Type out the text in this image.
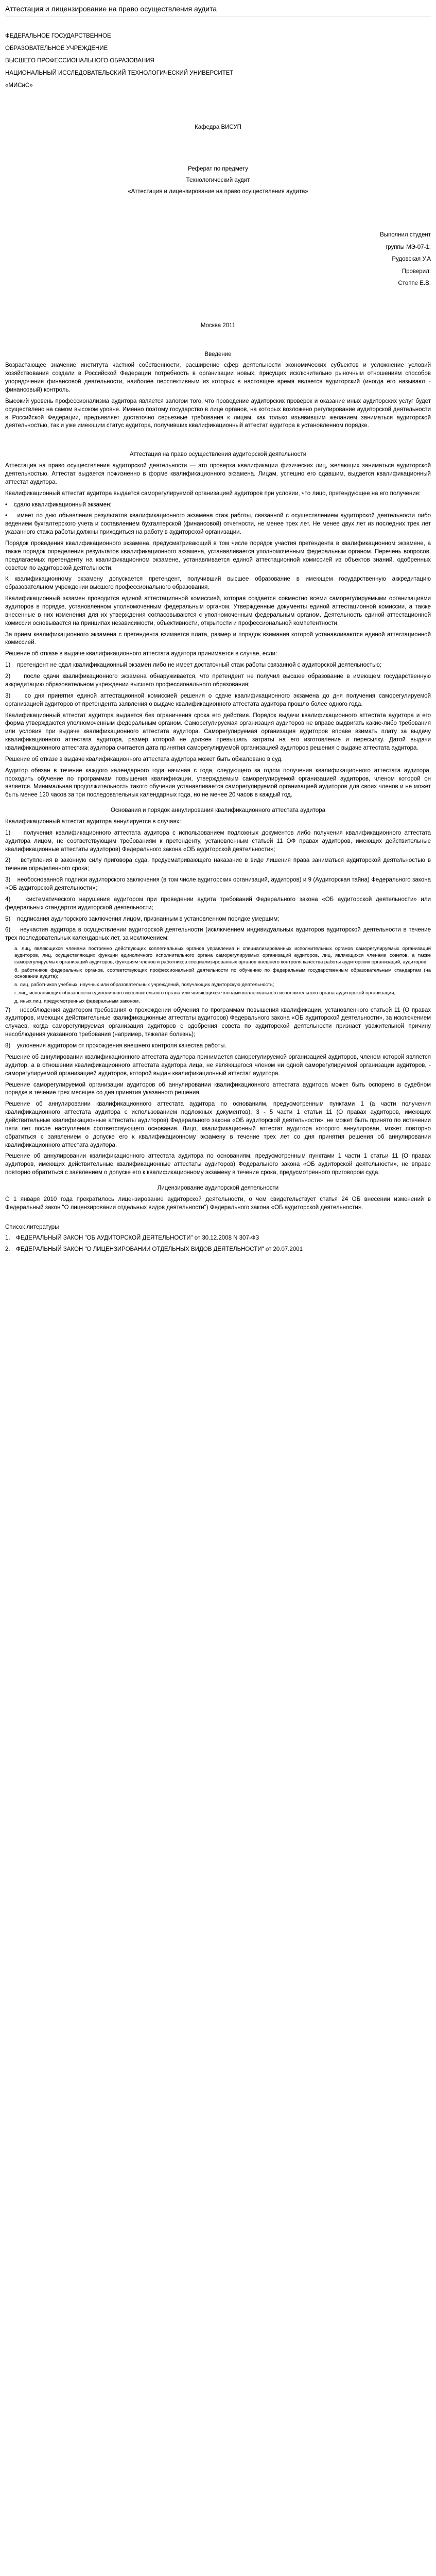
Аттестация и лицензирование на право осуществления аудита

ФЕДЕРАЛЬНОЕ ГОСУДАРСТВЕННОЕ

ОБРАЗОВАТЕЛЬНОЕ УЧРЕЖДЕНИЕ

ВЫСШЕГО ПРОФЕССИОНАЛЬНОГО ОБРАЗОВАНИЯ

НАЦИОНАЛЬНЫЙ ИССЛЕДОВАТЕЛЬСКИЙ ТЕХНОЛОГИЧЕСКИЙ УНИВЕРСИТЕТ

«МИСиС»

Кафедра ВИСУП

Реферат по предмету

Технологический аудит

«Аттестация и лицензирование на право осуществления аудита»

Выполнил студент

группы МЭ-07-1:

Рудовская У.А

Проверил:

Стоппе Е.В.

Москва 2011

Введение

Возрастающее значение института частной собственности, расширение сфер деятельности экономических субъектов и усложнение условий хозяйствования создали в Российской Федерации потребность в организации новых, присущих исключительно рыночным отношениям способов упорядочения финансовой деятельности, наиболее перспективным из которых в настоящее время является аудиторский (иногда его называют - финансовый) контроль.

Высокий уровень профессионализма аудитора является залогом того, что проведение аудиторских проверок и оказание иных аудиторских услуг будет осуществлено на самом высоком уровне. Именно поэтому государство в лице органов, на которых возложено регулирование аудиторской деятельности в Российской Федерации, предъявляет достаточно серьезные требования к лицам, как только изъявившим желанием заниматься аудиторской деятельностью, так и уже имеющим статус аудитора, получивших квалификационный аттестат аудитора в установленном порядке.

Аттестация на право осуществления аудиторской деятельности

Аттестация на право осуществления аудиторской деятельности — это проверка квалификации физических лиц, желающих заниматься аудиторской деятельностью. Аттестат выдается пожизненно в форме квалификационного экзамена. Лицам, успешно его сдавшим, выдается квалификационный аттестат аудитора.

Квалификационный аттестат аудитора выдается саморегулируемой организацией аудиторов при условии, что лицо, претендующее на его получение:

• сдало квалификационный экзамен;

• имеет по дню объявления результатов квалификационного экзамена стаж работы, связанной с осуществлением аудиторской деятельности либо ведением бухгалтерского учета и составлением бухгалтерской (финансовой) отчетности, не менее трех лет. Не менее двух лет из последних трех лет указанного стажа работы должны приходиться на работу в аудиторской организации.

Порядок проведения квалификационного экзамена, предусматривающий в том числе порядок участия претендента в квалификационном экзамене, а также порядок определения результатов квалификационного экзамена, устанавливается уполномоченным федеральным органом. Перечень вопросов, предлагаемых претенденту на квалификационном экзамене, устанавливается единой аттестационной комиссией из объектов знаний, одобренных советом по аудиторской деятельности.

К квалификационному экзамену допускается претендент, получивший высшее образование в имеющем государственную аккредитацию образовательном учреждении высшего профессионального образования.

Квалификационный экзамен проводится единой аттестационной комиссией, которая создается совместно всеми саморегулируемыми организациями аудиторов в порядке, установленном уполномоченным федеральным органом. Утвержденные документы единой аттестационной комиссии, а также внесенные в них изменения для их утверждения согласовываются с уполномоченным федеральным органом. Деятельность единой аттестационной комиссии основывается на принципах независимости, объективности, открытости и профессиональной компетентности.

За прием квалификационного экзамена с претендента взимается плата, размер и порядок взимания которой устанавливаются единой аттестационной комиссией.

Решение об отказе в выдаче квалификационного аттестата аудитора принимается в случае, если:

1) претендент не сдал квалификационный экзамен либо не имеет достаточный стаж работы связанной с аудиторской деятельностью;

2) после сдачи квалификационного экзамена обнаруживается, что претендент не получил высшее образование в имеющем государственную аккредитацию образовательном учреждении высшего профессионального образования;

3) со дня принятия единой аттестационной комиссией решения о сдаче квалификационного экзамена до дня получения саморегулируемой организацией аудиторов от претендента заявления о выдаче квалификационного аттестата аудитора прошло более одного года.

Квалификационный аттестат аудитора выдается без ограничения срока его действия. Порядок выдачи квалификационного аттестата аудитора и его форма утверждаются уполномоченным федеральным органом. Саморегулируемая организация аудиторов не вправе выдвигать какие-либо требования или условия при выдаче квалификационного аттестата аудитора. Саморегулируемая организация аудиторов вправе взимать плату за выдачу квалификационного аттестата аудитора, размер которой не должен превышать затраты на его изготовление и пересылку. Датой выдачи квалификационного аттестата аудитора считается дата принятия саморегулируемой организацией аудиторов решения о выдаче аттестата аудитора.

Решение об отказе в выдаче квалификационного аттестата аудитора может быть обжаловано в суд.

Аудитор обязан в течение каждого календарного года начиная с года, следующего за годом получения квалификационного аттестата аудитора, проходить обучение по программам повышения квалификации, утверждаемым саморегулируемой организацией аудиторов, членом которой он является. Минимальная продолжительность такого обучения устанавливается саморегулируемой организацией аудиторов для своих членов и не может быть менее 120 часов за три последовательных календарных года, но не менее 20 часов в каждый год.

Основания и порядок аннулирования квалификационного аттестата аудитора

Квалификационный аттестат аудитора аннулируется в случаях:

1) получения квалификационного аттестата аудитора с использованием подложных документов либо получения квалификационного аттестата аудитора лицом, не соответствующим требованиям к претенденту, установленным статьей 11 ОФ правах аудиторов, имеющих действительные квалификационные аттестаты аудиторов) Федерального закона «ОБ аудиторской деятельности»;

2) вступления в законную силу приговора суда, предусматривающего наказание в виде лишения права заниматься аудиторской деятельностью в течение определенного срока;

3) необоснованной подписи аудиторского заключения (в том числе аудиторских организаций, аудиторов) и 9 (Аудиторская тайна) Федерального закона «ОБ аудиторской деятельности»;

4)	систематического нарушения аудитором при проведении аудита требований Федерального закона «ОБ аудиторской деятельности» или федеральных стандартов аудиторской деятельности;

5) подписания аудиторского заключения лицом, признанным в установленном порядке умершим;

6) неучастия аудитора в осуществлении аудиторской деятельности (исключением индивидуальных аудиторов аудиторской деятельности в течение трех последовательных календарных лет, за исключением:

а. лиц, являющихся членами постоянно действующих коллегиальных органов управления и специализированных исполнительных органов саморегулируемых организаций аудиторов, лиц, осуществляющих функции единоличного исполнительного органа саморегулируемых организаций аудиторов, лиц, являющихся членами советов, а также саморегулируемых организаций аудиторов, функциям членов и работников специализированных органов внешнего контроля качества работы аудиторских организаций, аудиторов;

б. работников федеральных органов, соответствующих профессиональной деятельности по обучению по федеральным государственным образовательным стандартам (на основании аудита);

в. лиц, работников учебных, научных или образовательных учреждений, получающих аудиторскую деятельность;

г. лиц, исполняющих обязанности единоличного исполнительного органа или являющихся членами коллегиального исполнительного органа аудиторской организации;

д. иных лиц, предусмотренных федеральным законом.

7) несоблюдения аудитором требования о прохождении обучения по программам повышения квалификации, установленного статьей 11 (О правах аудиторов, имеющих действительные квалификационные аттестаты аудиторов) Федерального закона «ОБ аудиторской деятельности», за исключением случаев, когда саморегулируемая организация аудиторов с одобрения совета по аудиторской деятельности признает уважительной причину несоблюдения указанного требования (например, тяжелая болезнь);

8) уклонения аудитором от прохождения внешнего контроля качества работы.

Решение об аннулировании квалификационного аттестата аудитора принимается саморегулируемой организацией аудиторов, членом которой является аудитор, а в отношении квалификационного аттестата аудитора лица, не являющегося членом ни одной саморегулируемой организации аудиторов, - саморегулируемой организацией аудиторов, которой выдан квалификационный аттестат аудитора.

Решение саморегулируемой организации аудиторов об аннулировании квалификационного аттестата аудитора может быть оспорено в судебном порядке в течение трех месяцев со дня принятия указанного решения.

Решение об аннулировании квалификационного аттестата аудитора по основаниям, предусмотренным пунктами 1 (а части получения квалификационного аттестата аудитора с использованием подложных документов), 3 - 5 части 1 статьи 11 (О правах аудиторов, имеющих действительные квалификационные аттестаты аудиторов) Федерального закона «ОБ аудиторской деятельности», не может быть принято по истечении пяти лет после наступления соответствующего основания. Лицо, квалификационный аттестат аудитора которого аннулирован, может повторно обратиться с заявлением о допуске его к квалификационному экзамену в течение трех лет со дня принятия решения об аннулировании квалификационного аттестата аудитора.

Решение об аннулировании квалификационного аттестата аудитора по основаниям, предусмотренным пунктами 1 части 1 статьи 11 (О правах аудиторов, имеющих действительные квалификационные аттестаты аудиторов) Федерального закона «ОБ аудиторской деятельности», не вправе повторно обратиться с заявлением о допуске его к квалификационному экзамену в течение срока, предусмотренного приговором суда.

Лицензирование аудиторской деятельности

С 1 января 2010 года прекратилось лицензирование аудиторской деятельности, о чем свидетельствует статья 24 ОБ внесении изменений в Федеральный закон "О лицензировании отдельных видов деятельности") Федерального закона «ОБ аудиторской деятельности».

Список литературы

1. ФЕДЕРАЛЬНЫЙ ЗАКОН "ОБ АУДИТОРСКОЙ ДЕЯТЕЛЬНОСТИ" от 30.12.2008 N 307-ФЗ

2. ФЕДЕРАЛЬНЫЙ ЗАКОН "О ЛИЦЕНЗИРОВАНИИ ОТДЕЛЬНЫХ ВИДОВ ДЕЯТЕЛЬНОСТИ" от 20.07.2001
